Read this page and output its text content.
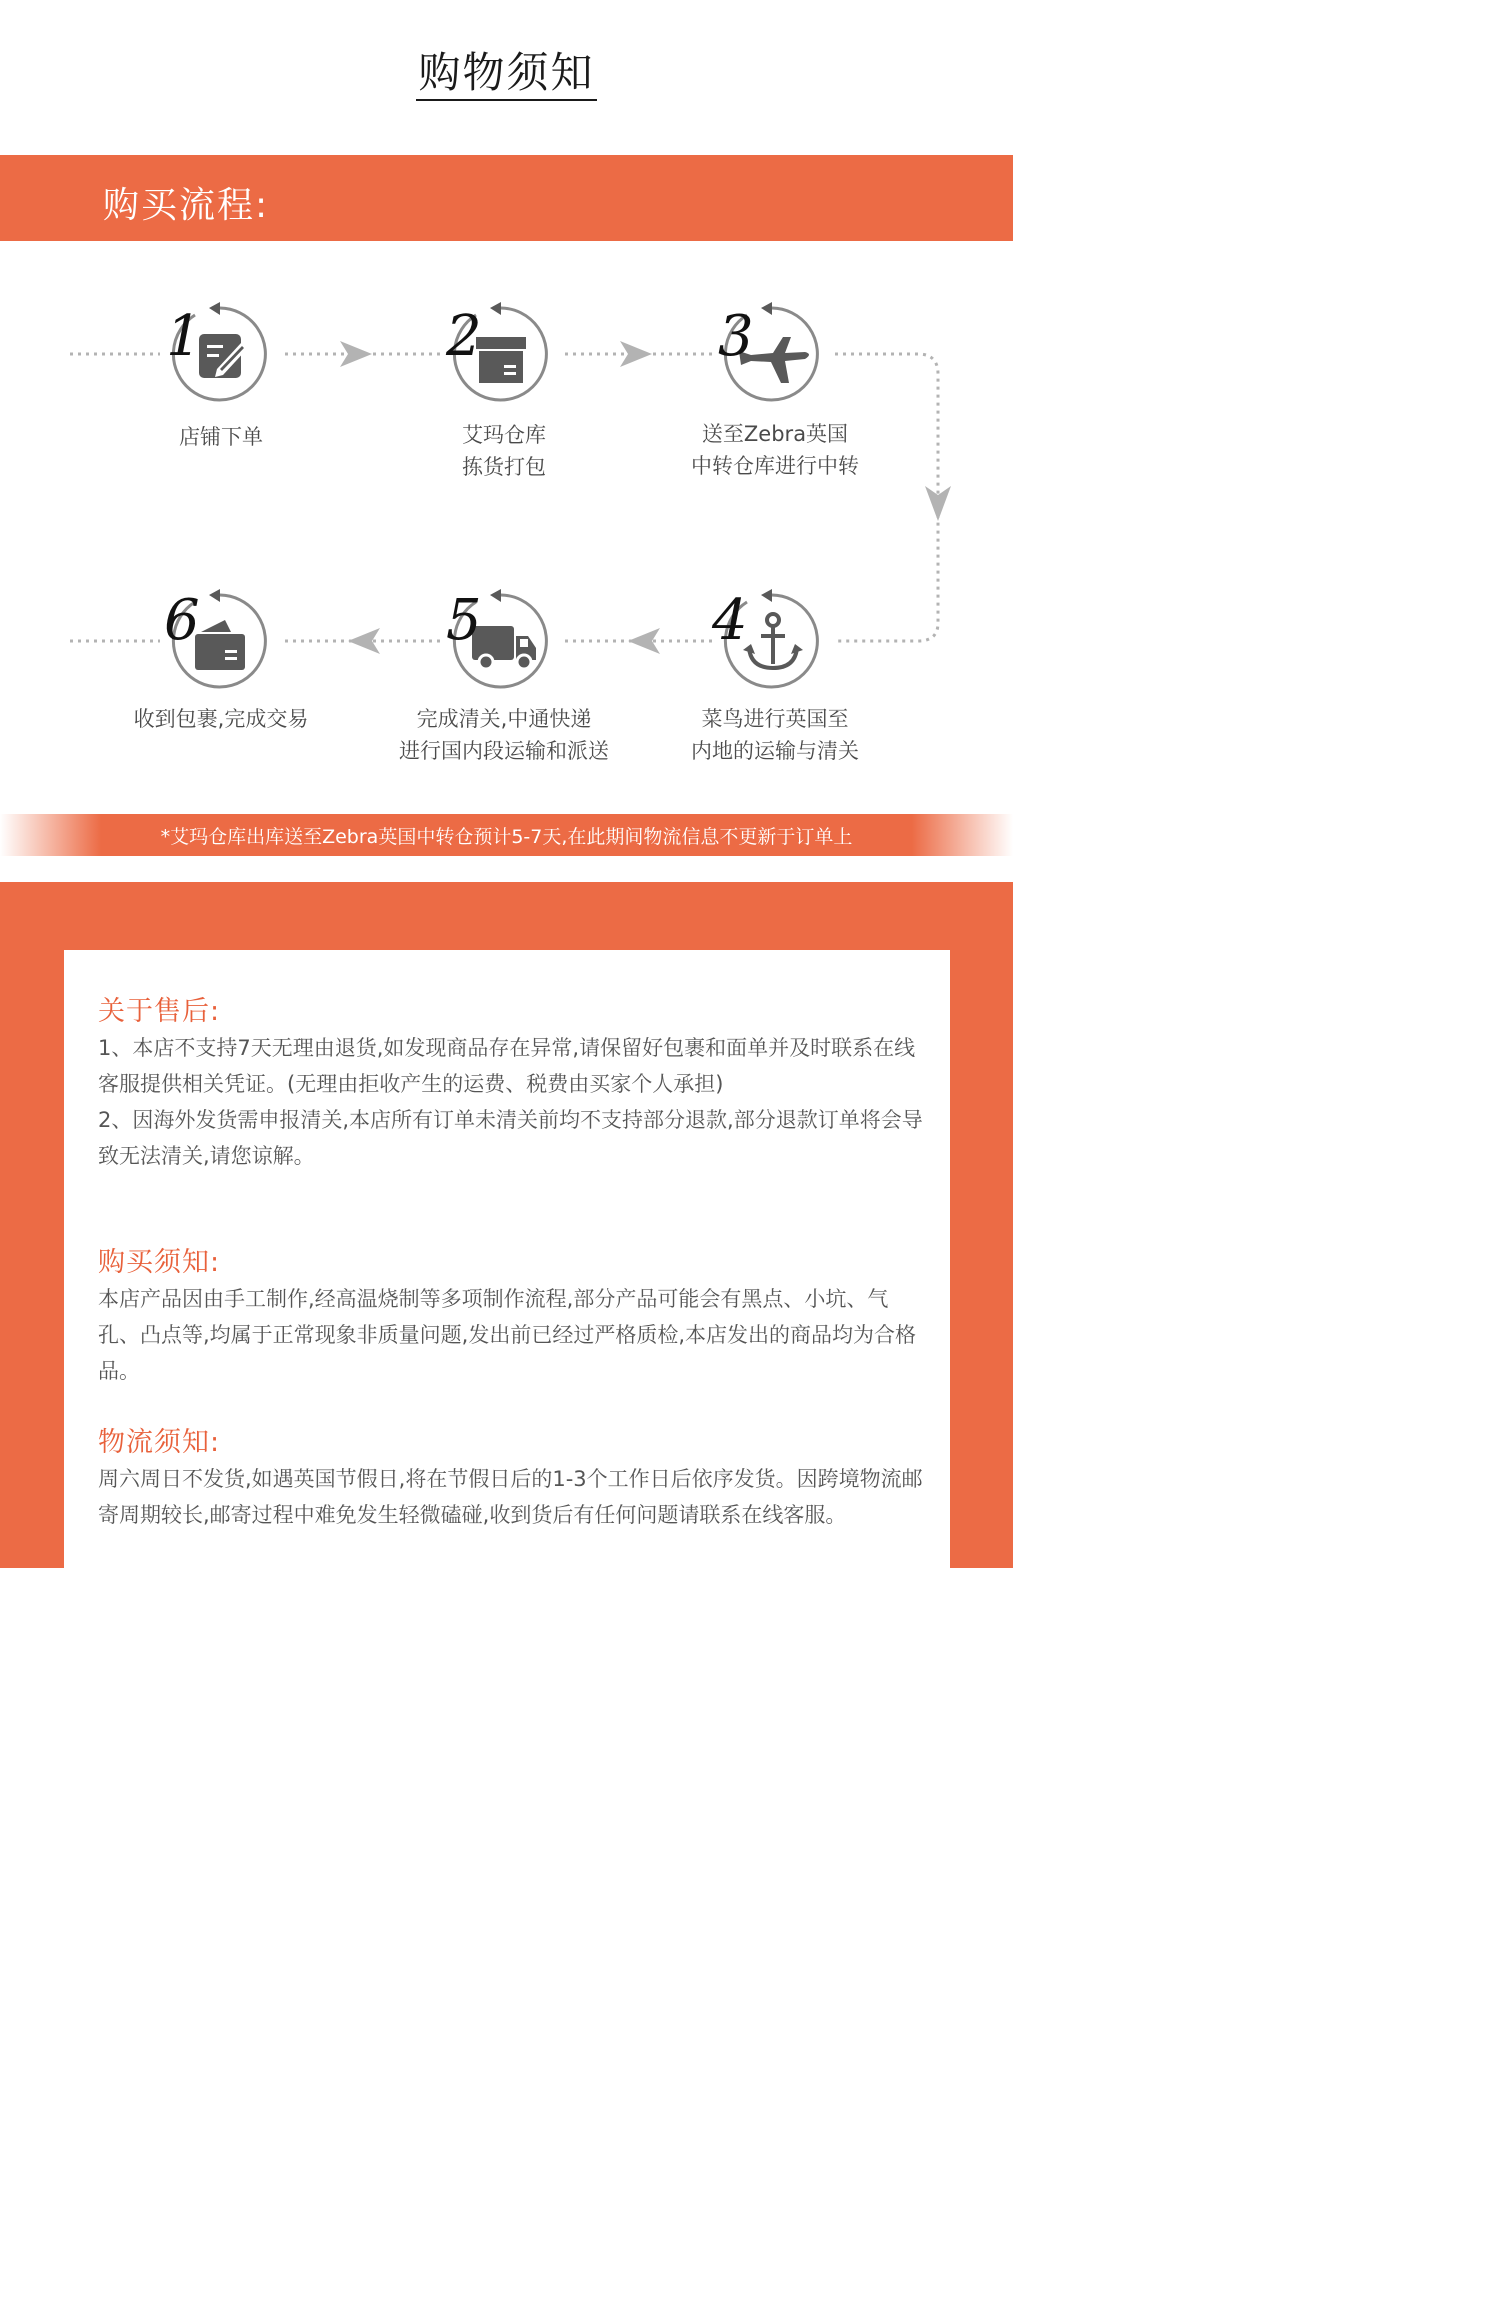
购物须知
购买流程:
1
店铺下单
2
艾玛仓库
拣货打包
3
送至Zebra英国
中转仓库进行中转
4
菜鸟进行英国至
内地的运输与清关
5
完成清关,中通快递
进行国内段运输和派送
6
收到包裹,完成交易
*艾玛仓库出库送至Zebra英国中转仓预计5-7天,在此期间物流信息不更新于订单上
关于售后:

1、本店不支持7天无理由退货,如发现商品存在异常,请保留好包裹和面单并及时联系在线客服提供相关凭证。(无理由拒收产生的运费、税费由买家个人承担)

2、因海外发货需申报清关,本店所有订单未清关前均不支持部分退款,部分退款订单将会导致无法清关,请您谅解。

购买须知:

本店产品因由手工制作,经高温烧制等多项制作流程,部分产品可能会有黑点、小坑、气孔、凸点等,均属于正常现象非质量问题,发出前已经过严格质检,本店发出的商品均为合格品。

物流须知:

周六周日不发货,如遇英国节假日,将在节假日后的1-3个工作日后依序发货。因跨境物流邮寄周期较长,邮寄过程中难免发生轻微磕碰,收到货后有任何问题请联系在线客服。
